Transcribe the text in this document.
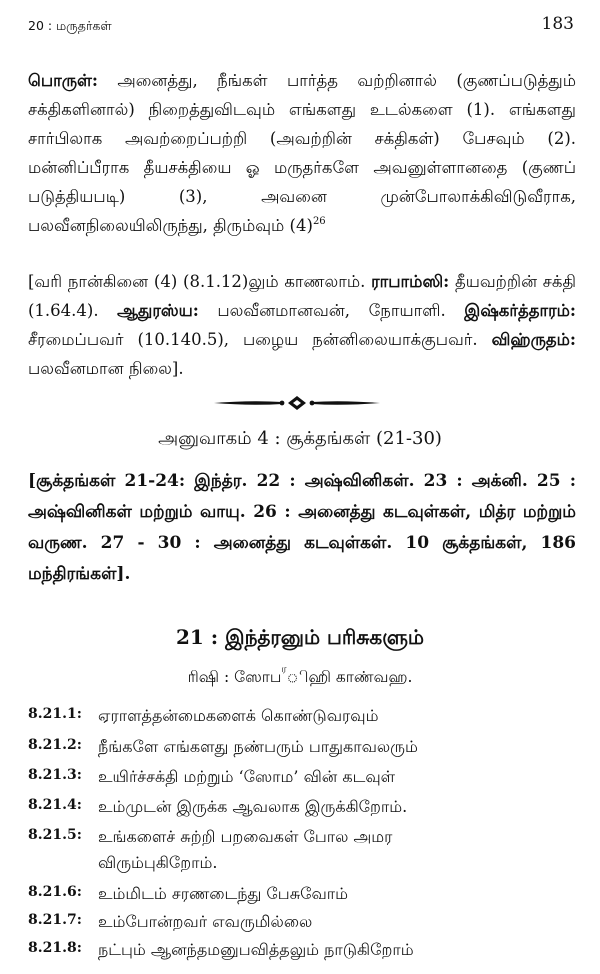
20 : மருதர்கள்	183

பொருள்: அனைத்து, நீங்கள் பார்த்த வற்றினால் (குணப்படுத்தும் சக்திகளினால்) நிறைத்துவிடவும் எங்களது உடல்களை (1). எங்களது சார்பிலாக அவற்றைப்பற்றி (அவற்றின் சக்திகள்) பேசவும் (2). மன்னிப்பீராக தீயசக்தியை ஓ மருதர்களே அவனுள்ளானதை (குணப் படுத்தியபடி) (3), அவனை முன்போலாக்கிவிடுவீராக, பலவீனநிலையிலிருந்து, திரும்வும் $(4)^{26}$

[வரி நான்கினை (4) (8.1.12)லும் காணலாம். ராபாம்ஸி: தீயவற்றின் சக்தி (1.64.4). ஆதுரஸ்ய: பலவீனமானவன், நோயாளி. இஷ்கர்த்தாரம்: சீரமைப்பவர் (10.140.5), பழைய நன்னிலையாக்குபவர். விஹ்ருதம்: பலவீனமான நிலை].

அனுவாகம் 4 : சூக்தங்கள் (21-30)

[சூக்தங்கள் 21-24: இந்த்ர. 22 : அஷ்வினிகள். 23 : அக்னி. 25 : அஷ்வினிகள் மற்றும் வாயு. 26 : அனைத்து கடவுள்கள், மித்ர மற்றும் வருண. 27 - 30 : அனைத்து கடவுள்கள். 10 சூக்தங்கள், 186 மந்திரங்கள்].

21 : இந்த்ரனும் பரிசுகளும்
ரிஷி : ஸோப$^ர$ிஹி காண்வஹ.
8.21.1: ஏராளத்தன்மைகளைக் கொண்டுவரவும்
8.21.2: நீங்களே எங்களது நண்பரும் பாதுகாவலரும்
8.21.3: உயிர்ச்சக்தி மற்றும் ‘ஸோம’ வின் கடவுள்
8.21.4: உம்முடன் இருக்க ஆவலாக இருக்கிறோம்.
8.21.5: உங்களைச் சுற்றி பறவைகள் போல அமர
விரும்புகிறோம்.
8.21.6: உம்மிடம் சரணடைந்து பேசுவோம்
8.21.7: உம்போன்றவர் எவருமில்லை
8.21.8: நட்பும் ஆனந்தமனுபவித்தலும் நாடுகிறோம்
